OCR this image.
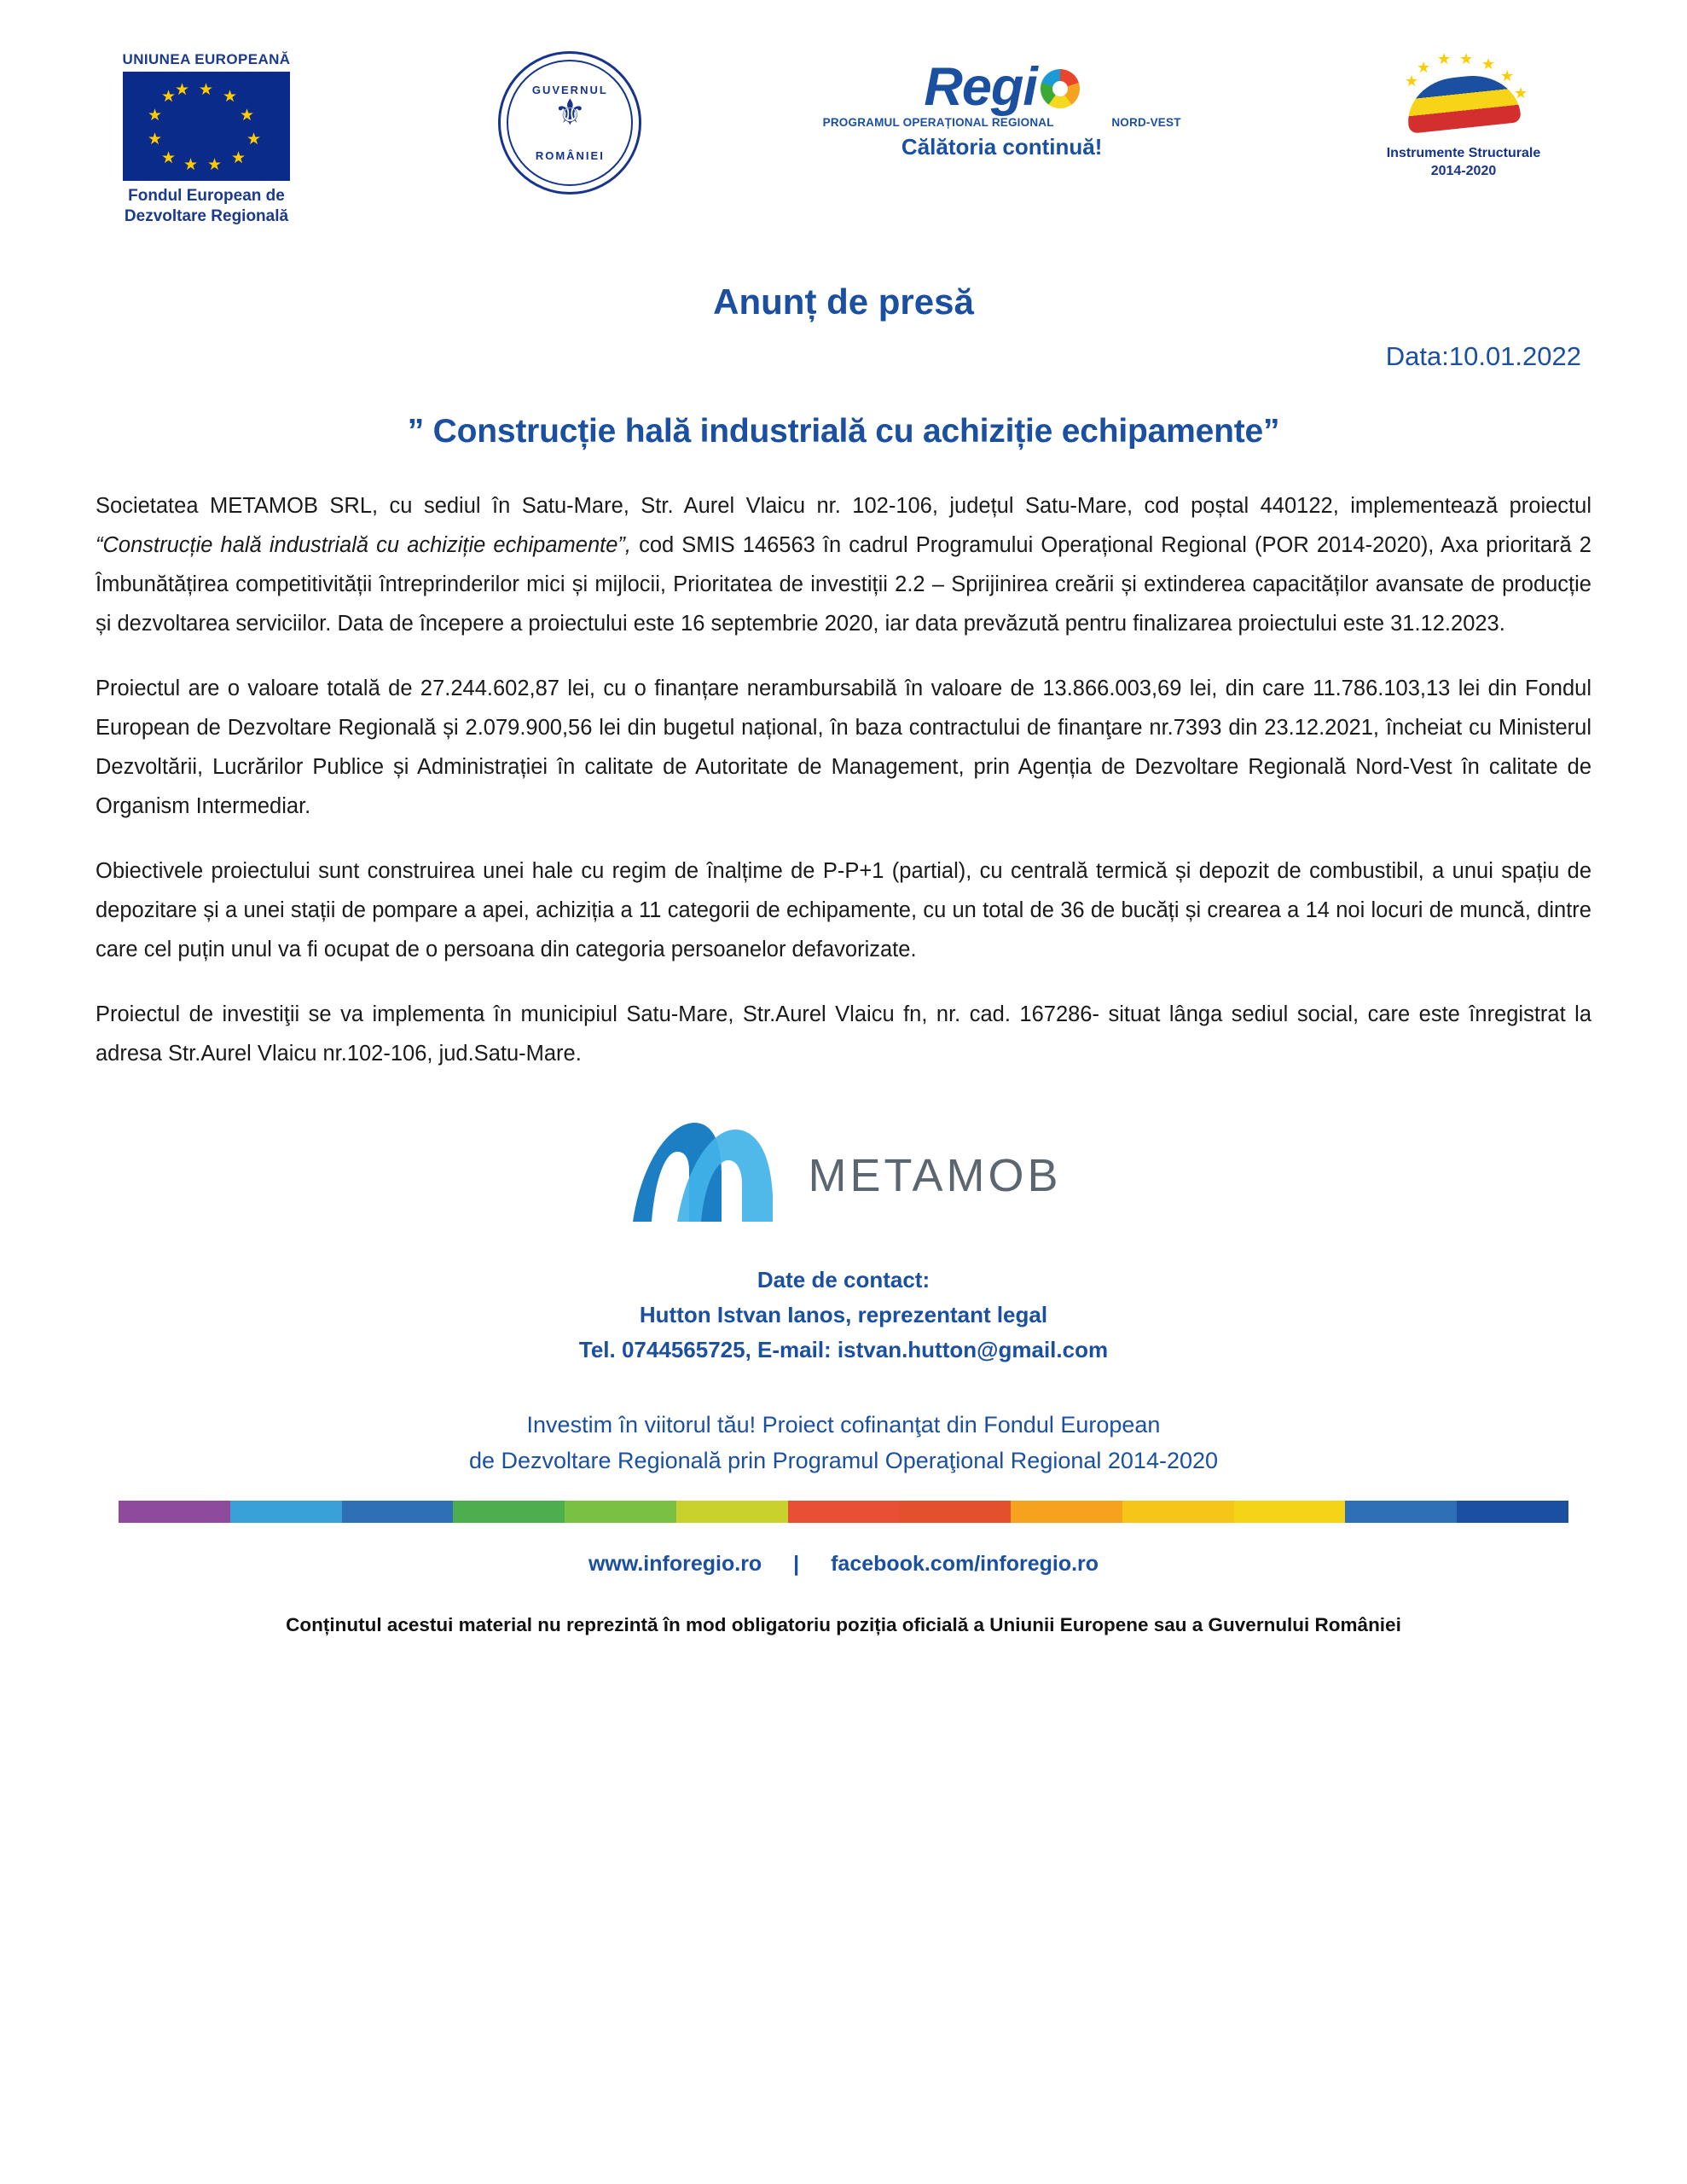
UNIUNEA EUROPEANĂ
★ ★
★
★
★
★
★
★
★
★
★
★
Fondul European de
Dezvoltare Regională
GUVERNUL
⚜
ROMÂNIEI
Regi
PROGRAMUL OPERAȚIONAL REGIONAL	NORD-VEST
Călătoria continuă!
★
★ ★ ★ ★
★
★
Instrumente Structurale
2014-2020
Anunț de presă
Data:10.01.2022
” Construcție hală industrială cu achiziție echipamente”

Societatea METAMOB SRL, cu sediul în Satu-Mare, Str. Aurel Vlaicu nr. 102-106, județul Satu-Mare, cod poștal 440122, implementează proiectul “Construcție hală industrială cu achiziție echipamente”, cod SMIS 146563 în cadrul Programului Operațional Regional (POR 2014-2020), Axa prioritară 2 Îmbunătățirea competitivității întreprinderilor mici și mijlocii, Prioritatea de investiții 2.2 – Sprijinirea creării și extinderea capacităților avansate de producție și dezvoltarea serviciilor. Data de începere a proiectului este 16 septembrie 2020, iar data prevăzută pentru finalizarea proiectului este 31.12.2023.

Proiectul are o valoare totală de 27.244.602,87 lei, cu o finanțare nerambursabilă în valoare de 13.866.003,69 lei, din care 11.786.103,13 lei din Fondul European de Dezvoltare Regională și 2.079.900,56 lei din bugetul național, în baza contractului de finanţare nr.7393 din 23.12.2021, încheiat cu Ministerul Dezvoltării, Lucrărilor Publice și Administrației în calitate de Autoritate de Management, prin Agenția de Dezvoltare Regională Nord-Vest în calitate de Organism Intermediar.

Obiectivele proiectului sunt construirea unei hale cu regim de înalțime de P-P+1 (partial), cu centrală termică și depozit de combustibil, a unui spațiu de depozitare și a unei stații de pompare a apei, achiziția a 11 categorii de echipamente, cu un total de 36 de bucăți și crearea a 14 noi locuri de muncă, dintre care cel puțin unul va fi ocupat de o persoana din categoria persoanelor defavorizate.

Proiectul de investiţii se va implementa în municipiul Satu-Mare, Str.Aurel Vlaicu fn, nr. cad. 167286- situat lânga sediul social, care este înregistrat la adresa Str.Aurel Vlaicu nr.102-106, jud.Satu-Mare.

METAMOB
Date de contact:
Hutton Istvan Ianos, reprezentant legal
Tel. 0744565725, E-mail: istvan.hutton@gmail.com
Investim în viitorul tău! Proiect cofinanţat din Fondul European
de Dezvoltare Regională prin Programul Operaţional Regional 2014-2020
www.inforegio.ro | facebook.com/inforegio.ro
Conținutul acestui material nu reprezintă în mod obligatoriu poziția oficială a Uniunii Europene sau a Guvernului României
